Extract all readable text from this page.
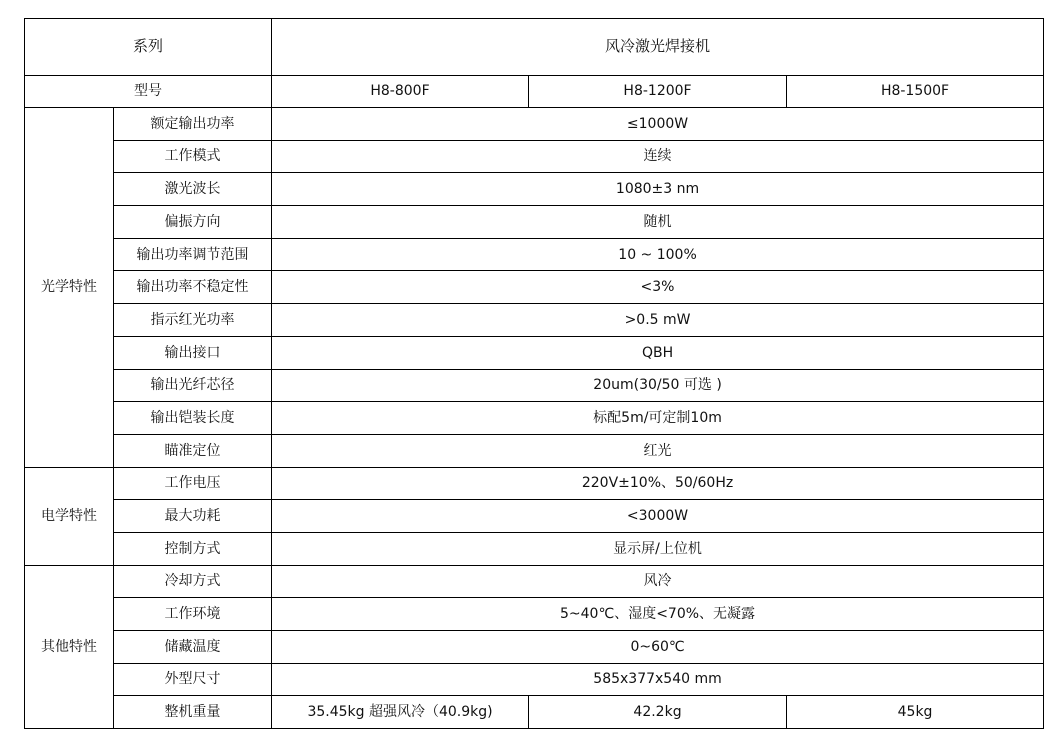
系列		风冷激光焊接机		
型号		H8-800F	H8-1200F	H8-1500F
光学特性	额定输出功率	≤1000W		
	工作模式	连续		
	激光波长	1080±3 nm		
	偏振方向	随机		
	输出功率调节范围	10 ~ 100%		
	输出功率不稳定性	<3%		
	指示红光功率	>0.5 mW		
	输出接口	QBH		
	输出光纤芯径	20um(30/50 可选 )		
	输出铠装长度	标配5m/可定制10m		
	瞄准定位	红光		
电学特性	工作电压	220V±10%、50/60Hz		
	最大功耗	<3000W		
	控制方式	显示屏/上位机		
其他特性	冷却方式	风冷		
	工作环境	5~40℃、湿度<70%、无凝露		
	储藏温度	0~60℃		
	外型尺寸	585x377x540 mm		
	整机重量	35.45kg 超强风冷（40.9kg)	42.2kg	45kg
